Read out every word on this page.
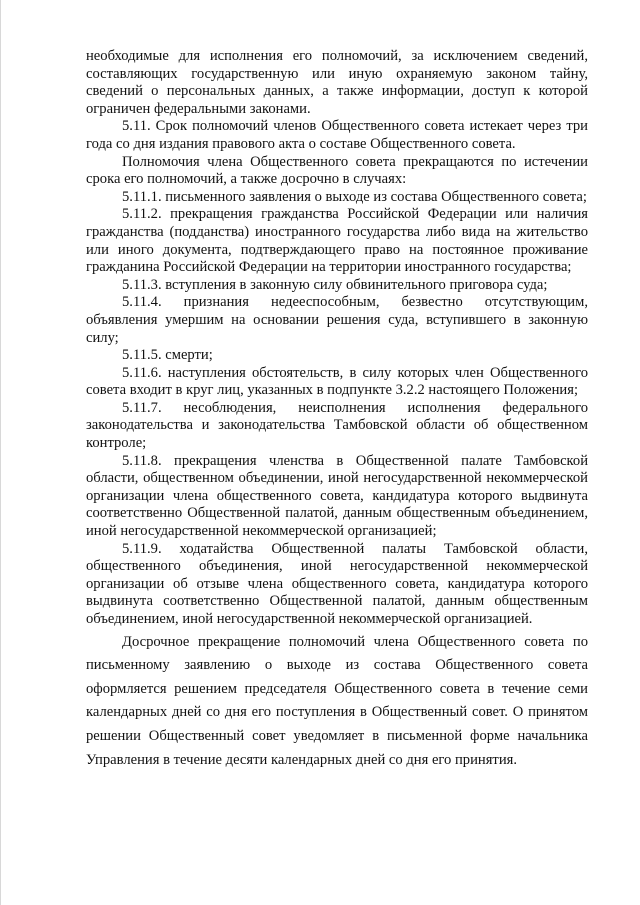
необходимые для исполнения его полномочий, за исключением сведений, составляющих государственную или иную охраняемую законом тайну, сведений о персональных данных, а также информации, доступ к которой ограничен федеральными законами.

5.11. Срок полномочий членов Общественного совета истекает через три года со дня издания правового акта о составе Общественного совета.

Полномочия члена Общественного совета прекращаются по истечении срока его полномочий, а также досрочно в случаях:

5.11.1. письменного заявления о выходе из состава Общественного совета;

5.11.2. прекращения гражданства Российской Федерации или наличия гражданства (подданства) иностранного государства либо вида на жительство или иного документа, подтверждающего право на постоянное проживание гражданина Российской Федерации на территории иностранного государства;

5.11.3. вступления в законную силу обвинительного приговора суда;

5.11.4. признания недееспособным, безвестно отсутствующим, объявления умершим на основании решения суда, вступившего в законную силу;

5.11.5. смерти;

5.11.6. наступления обстоятельств, в силу которых член Общественного совета входит в круг лиц, указанных в подпункте 3.2.2 настоящего Положения;

5.11.7. несоблюдения, неисполнения исполнения федерального законодательства и законодательства Тамбовской области об общественном контроле;

5.11.8. прекращения членства в Общественной палате Тамбовской области, общественном объединении, иной негосударственной некоммерческой организации члена общественного совета, кандидатура которого выдвинута соответственно Общественной палатой, данным общественным объединением, иной негосударственной некоммерческой организацией;

5.11.9. ходатайства Общественной палаты Тамбовской области, общественного объединения, иной негосударственной некоммерческой организации об отзыве члена общественного совета, кандидатура которого выдвинута соответственно Общественной палатой, данным общественным объединением, иной негосударственной некоммерческой организацией.

Досрочное прекращение полномочий члена Общественного совета по письменному заявлению о выходе из состава Общественного совета оформляется решением председателя Общественного совета в течение семи календарных дней со дня его поступления в Общественный совет. О принятом решении Общественный совет уведомляет в письменной форме начальника Управления в течение десяти календарных дней со дня его принятия.
